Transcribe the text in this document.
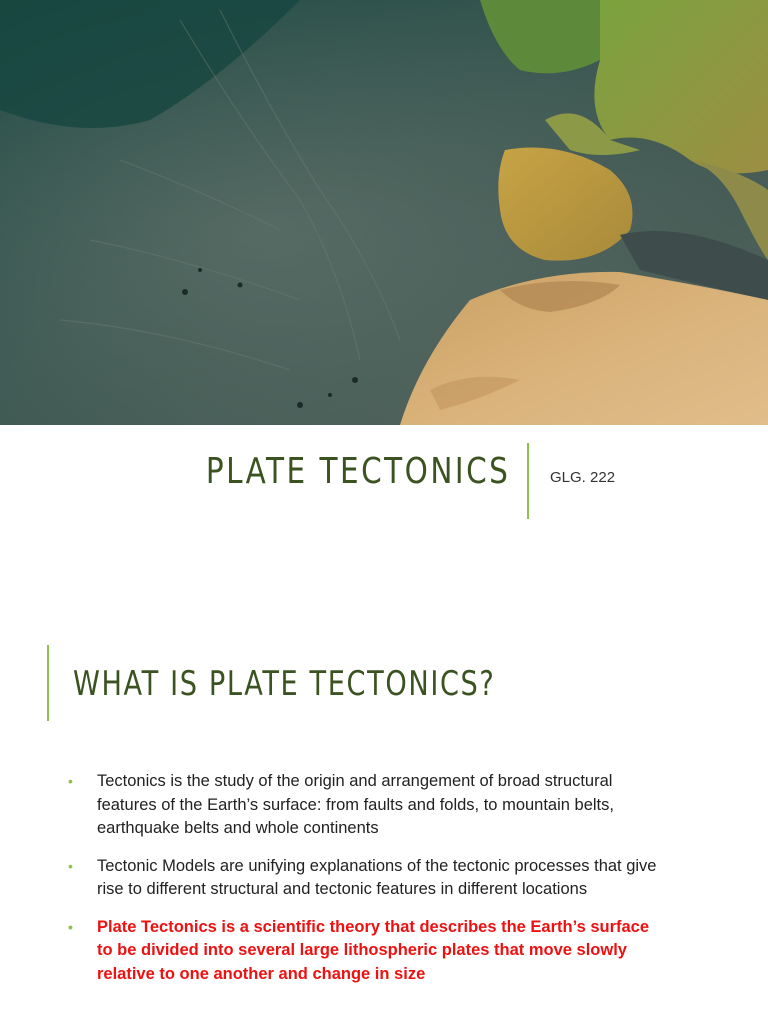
PLATE TECTONICS	GLG. 222
WHAT IS PLATE TECTONICS?
• Tectonics is the study of the origin and arrangement of broad structural features of the Earth’s surface: from faults and folds, to mountain belts, earthquake belts and whole continents
• Tectonic Models are unifying explanations of the tectonic processes that give rise to different structural and tectonic features in different locations
• Plate Tectonics is a scientific theory that describes the Earth’s surface to be divided into several large lithospheric plates that move slowly relative to one another and change in size
